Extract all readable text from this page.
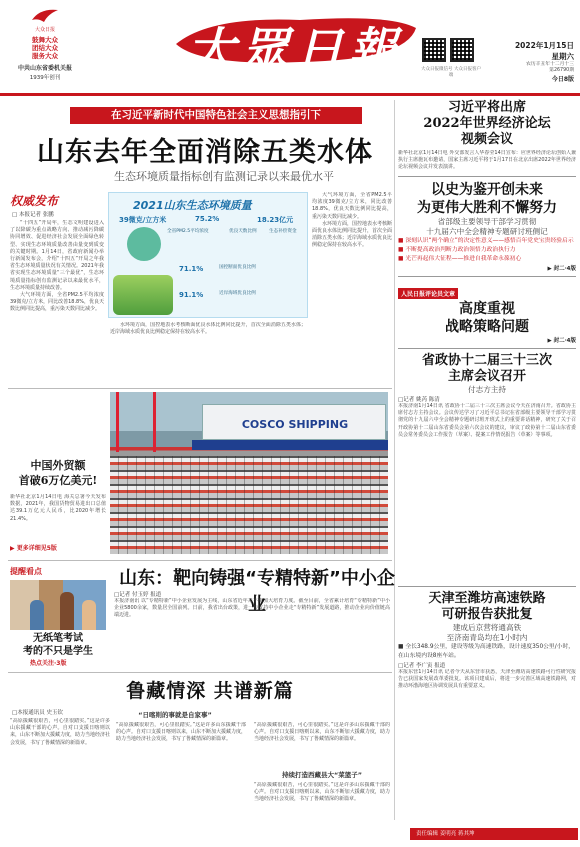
大众日报
鼓舞大众
团结大众
服务大众
中共山东省委机关报
1939年创刊	大眾日報	大众日报微信号 大众日报客户端
2022年1月15日
星期六
农历辛丑年十二月十三
第26790期
今日8版
在习近平新时代中国特色社会主义思想指引下
山东去年全面消除五类水体
生态环境质量指标创有监测记录以来最优水平
权威发布
□ 本报记者 张鹏

“十四五”开局年，生态文明建设进入了以降碳为重点战略方向、推动减污降碳协同增效、促进经济社会发展全面绿色转型、实现生态环境质量改善由量变到质变的关键时期。1月14日，省政府新闻办举行新闻发布会，介绍“十四五”开局之年我省生态环境质量状况有关情况。2021年我省实现生态环境质量“三个最优”，生态环境质量指标创有监测记录以来最优水平，生态环境质量持续改善。

大气环境方面，全省PM2.5平均浓度39微克/立方米，同比改善18.8%，优良天数比例同比提高，重污染天数同比减少。

水环境方面，国控地表水考核断面优良水体比例同比提升，首次全面消除五类水体；近岸海域水质优良比例稳定保持在较高水平。

大气环境方面，全省PM2.5平均浓度39微克/立方米，同比改善18.8%，优良天数比例同比提高，重污染天数同比减少。

水环境方面，国控地表水考核断面优良水体比例同比提升，首次全面消除五类水体；近岸海域水质优良比例稳定保持在较高水平。

2021山东生态环境质量
39微克/立方米	75.2%	18.23亿元
71.1%
91.1%
全省PM2.5平均浓度	优良天数比例	生态补偿资金
国控断面优良比例
近岸海域优良比例
习近平将出席
2022年世界经济论坛
视频会议
新华社北京1月14日电 外交部发言人华春莹14日宣布：应世界经济论坛创始人兼执行主席施瓦布邀请，国家主席习近平将于1月17日在北京出席2022年世界经济论坛视频会议并发表演讲。
以史为鉴开创未来
为更伟大胜利不懈努力
省部级主要领导干部学习贯彻
十九届六中全会精神专题研讨班侧记
■ 深刻认识“两个确立”的决定性意义——感悟百年党史宝贵经验启示
■ 不断提高政治判断力政治领悟力政治执行力
■ 光芒再起伟大征程——推进自我革命永葆初心
▶ 封二·4版
人民日报评论员文章
高度重视
战略策略问题
▶ 封二·4版
省政协十二届三十三次
主席会议召开
付志方主持
□记者 姚芮 陈清
本报济南1月14日讯 省政协十二届三十三次主席会议今天在济南召开。省政协主席付志方主持会议。会议传达学习了习近平总书记在省部级主要领导干部学习贯彻党的十九届六中全会精神专题研讨班开班式上的重要讲话精神，研究了关于召开政协第十二届山东省委员会第六次会议的建议，审议了政协第十二届山东省委员会常务委员会工作报告（草案）、提案工作情况报告（草案）等事项。
天津至潍坊高速铁路
可研报告获批复
建成后京营将通高铁
至济南青岛均在1小时内
■ 全长348.9公里，建设等级为高速铁路，设计速度350公里/小时，在山东境内设8座车站。
□记者 李广寅 报道
本报东营1月14日讯 记者今天从东营市获悉，天津至潍坊高速铁路可行性研究报告已获国家发展改革委批复。该项目建成后，将进一步完善区域高速铁路网，对推动环渤海地区协调发展具有重要意义。
COSCO SHIPPING
中国外贸额
首破6万亿美元!
新华社北京1月14日电 海关总署今天发布数据，2021年，我国货物贸易进出口总值达39.1万亿元人民币，比2020年增长21.4%。
▶ 更多详细见5版
提醒看点
无纸笔考试
考的不只是学生
热点关注·3版
山东：靶向铸强“专精特新”中小企业
□记者 付玉婷 报道
本报济南讯 以“专精特新”中小企业发展为主线，山东省近年来不断加大培育力度。截至目前，全省累计培育“专精特新”中小企业5800余家，数量居全国前列。日前，我省出台政策，进一步支持中小企业走“专精特新”发展道路，推动企业向价值链高端迈进。
鲁藏情深 共谱新篇
“日喀则的事就是自家事”
□本报通讯员 史玉钦
“高原援藏很艰苦，可心里很踏实。”这是许多山东援藏干部的心声。自对口支援日喀则以来，山东不断加大援藏力度，助力当地经济社会发展，书写了鲁藏情深的新篇章。
“高原援藏很艰苦，可心里很踏实。”这是许多山东援藏干部的心声。自对口支援日喀则以来，山东不断加大援藏力度，助力当地经济社会发展，书写了鲁藏情深的新篇章。
持续打造西藏县大“菜篮子”
“高原援藏很艰苦，可心里很踏实。”这是许多山东援藏干部的心声。自对口支援日喀则以来，山东不断加大援藏力度，助力当地经济社会发展，书写了鲁藏情深的新篇章。
“高原援藏很艰苦，可心里很踏实。”这是许多山东援藏干部的心声。自对口支援日喀则以来，山东不断加大援藏力度，助力当地经济社会发展，书写了鲁藏情深的新篇章。
责任编辑 姜明亮 蒋其坤
